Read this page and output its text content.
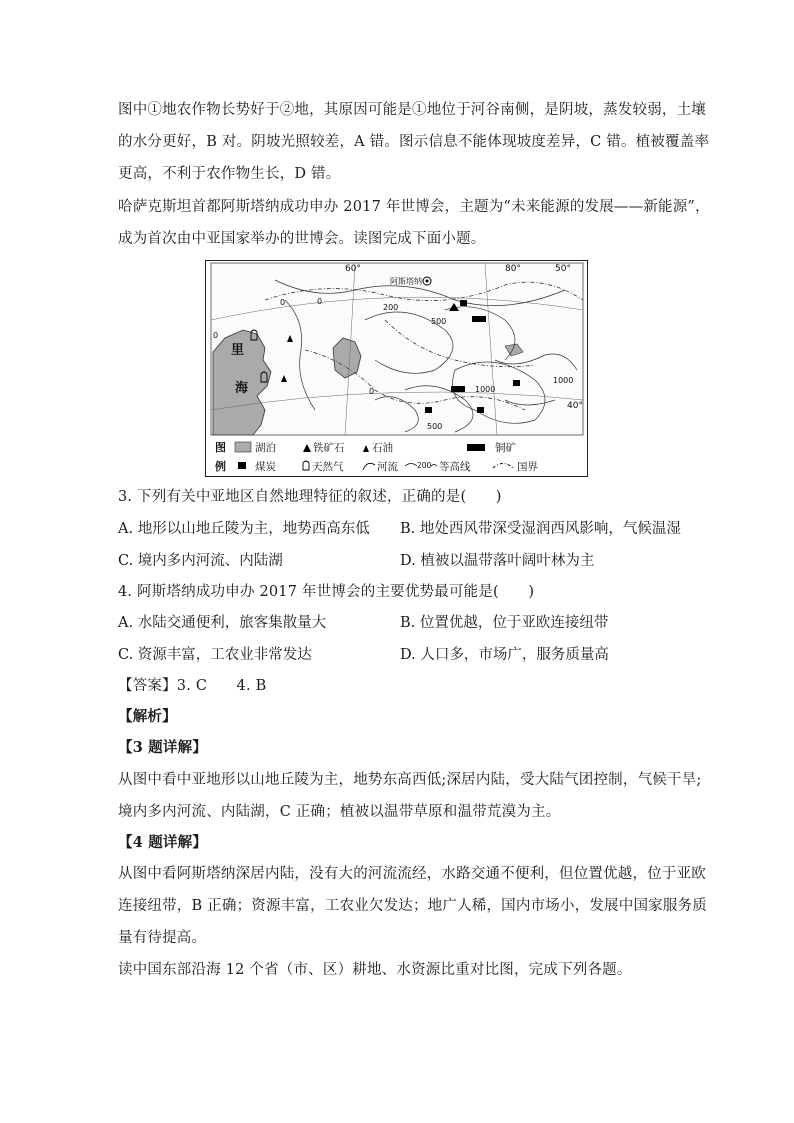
图中①地农作物长势好于②地，其原因可能是①地位于河谷南侧，是阴坡，蒸发较弱，土壤
的水分更好，B 对。阴坡光照较差，A 错。图示信息不能体现坡度差异，C 错。植被覆盖率
更高，不利于农作物生长，D 错。
哈萨克斯坦首都阿斯塔纳成功申办 2017 年世博会，主题为“未来能源的发展——新能源”，
成为首次由中亚国家举办的世博会。读图完成下面小题。
阿斯塔纳
60°	80°	50°
40°
0
0	0
200
500
1000
1000
500
0
里
海
图
例
湖泊	铁矿石	石油	铜矿
煤炭	天然气	河流	200 等高线	国界
3. 下列有关中亚地区自然地理特征的叙述，正确的是(　　)
A. 地形以山地丘陵为主，地势西高东低 B. 地处西风带深受湿润西风影响，气候温湿
C. 境内多内河流、内陆湖	D. 植被以温带落叶阔叶林为主
4. 阿斯塔纳成功申办 2017 年世博会的主要优势最可能是(　　)
A. 水陆交通便利，旅客集散量大	B. 位置优越，位于亚欧连接纽带
C. 资源丰富，工农业非常发达	D. 人口多，市场广，服务质量高
【答案】3. C　　4. B
【解析】
【3 题详解】
从图中看中亚地形以山地丘陵为主，地势东高西低;深居内陆，受大陆气团控制，气候干旱;
境内多内河流、内陆湖，C 正确；植被以温带草原和温带荒漠为主。
【4 题详解】
从图中看阿斯塔纳深居内陆，没有大的河流流经，水路交通不便利，但位置优越，位于亚欧
连接纽带，B 正确；资源丰富，工农业欠发达；地广人稀，国内市场小，发展中国家服务质
量有待提高。
读中国东部沿海 12 个省（市、区）耕地、水资源比重对比图，完成下列各题。
